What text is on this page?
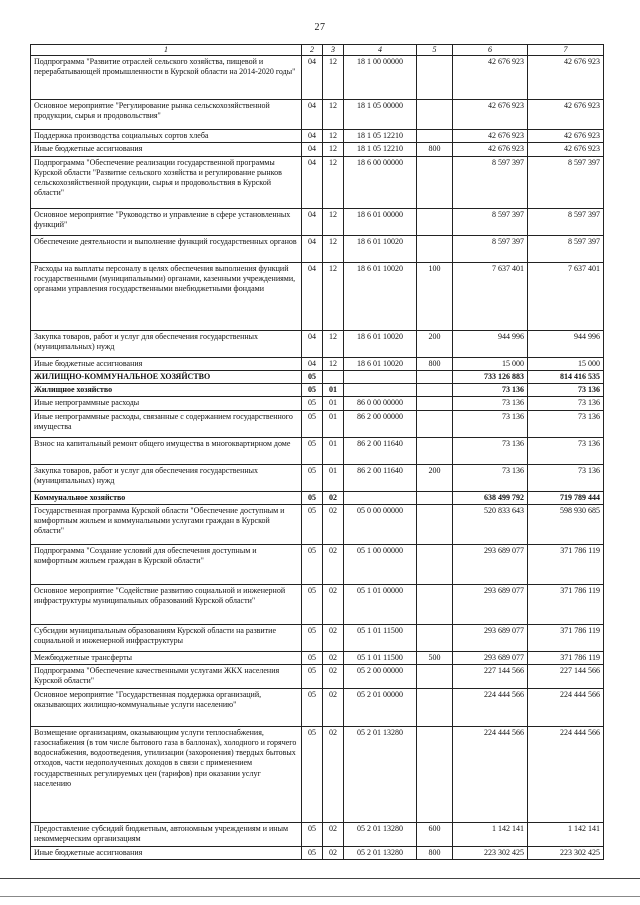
27
1	2	3	4	5	6	7
Подпрограмма "Развитие отраслей сельского хозяйства, пищевой и перерабатывающей промышленности в Курской области на 2014-2020 годы"	04	12	18 1 00 00000		42 676 923	42 676 923
Основное мероприятие "Регулирование рынка сельскохозяйственной продукции, сырья и продовольствия"	04	12	18 1 05 00000		42 676 923	42 676 923
Поддержка производства социальных сортов хлеба	04	12	18 1 05 12210		42 676 923	42 676 923
Иные бюджетные ассигнования	04	12	18 1 05 12210	800	42 676 923	42 676 923
Подпрограмма "Обеспечение реализации государственной программы Курской области "Развитие сельского хозяйства и регулирование рынков сельскохозяйственной продукции, сырья и продовольствия в Курской области"	04	12	18 6 00 00000		8 597 397	8 597 397
Основное мероприятие "Руководство и управление в сфере установленных функций"	04	12	18 6 01 00000		8 597 397	8 597 397
Обеспечение деятельности и выполнение функций государственных органов	04	12	18 6 01 10020		8 597 397	8 597 397
Расходы на выплаты персоналу в целях обеспечения выполнения функций государственными (муниципальными) органами, казенными учреждениями, органами управления государственными внебюджетными фондами	04	12	18 6 01 10020	100	7 637 401	7 637 401
Закупка товаров, работ и услуг для обеспечения государственных (муниципальных) нужд	04	12	18 6 01 10020	200	944 996	944 996
Иные бюджетные ассигнования	04	12	18 6 01 10020	800	15 000	15 000
ЖИЛИЩНО-КОММУНАЛЬНОЕ ХОЗЯЙСТВО	05				733 126 883	814 416 535
Жилищное хозяйство	05	01			73 136	73 136
Иные непрограммные расходы	05	01	86 0 00 00000		73 136	73 136
Иные непрограммные расходы, связанные с содержанием государственного имущества	05	01	86 2 00 00000		73 136	73 136
Взнос на капитальный ремонт общего имущества в многоквартирном доме	05	01	86 2 00 11640		73 136	73 136
Закупка товаров, работ и услуг для обеспечения государственных (муниципальных) нужд	05	01	86 2 00 11640	200	73 136	73 136
Коммунальное хозяйство	05	02			638 499 792	719 789 444
Государственная программа Курской области "Обеспечение доступным и комфортным жильем и коммунальными услугами граждан в Курской области"	05	02	05 0 00 00000		520 833 643	598 930 685
Подпрограмма "Создание условий для обеспечения доступным и комфортным жильем граждан в Курской области"	05	02	05 1 00 00000		293 689 077	371 786 119
Основное мероприятие "Содействие развитию социальной и инженерной инфраструктуры муниципальных образований Курской области"	05	02	05 1 01 00000		293 689 077	371 786 119
Субсидии муниципальным образованиям Курской области на развитие социальной и инженерной инфраструктуры	05	02	05 1 01 11500		293 689 077	371 786 119
Межбюджетные трансферты	05	02	05 1 01 11500	500	293 689 077	371 786 119
Подпрограмма "Обеспечение качественными услугами ЖКХ населения Курской области"	05	02	05 2 00 00000		227 144 566	227 144 566
Основное мероприятие "Государственная поддержка организаций, оказывающих жилищно-коммунальные услуги населению"	05	02	05 2 01 00000		224 444 566	224 444 566
Возмещение организациям, оказывающим услуги теплоснабжения, газоснабжения (в том числе бытового газа в баллонах), холодного и горячего водоснабжения, водоотведения, утилизации (захоронения) твердых бытовых отходов, части недополученных доходов в связи с применением государственных регулируемых цен (тарифов) при оказании услуг населению	05	02	05 2 01 13280		224 444 566	224 444 566
Предоставление субсидий бюджетным, автономным учреждениям и иным некоммерческим организациям	05	02	05 2 01 13280	600	1 142 141	1 142 141
Иные бюджетные ассигнования	05	02	05 2 01 13280	800	223 302 425	223 302 425
